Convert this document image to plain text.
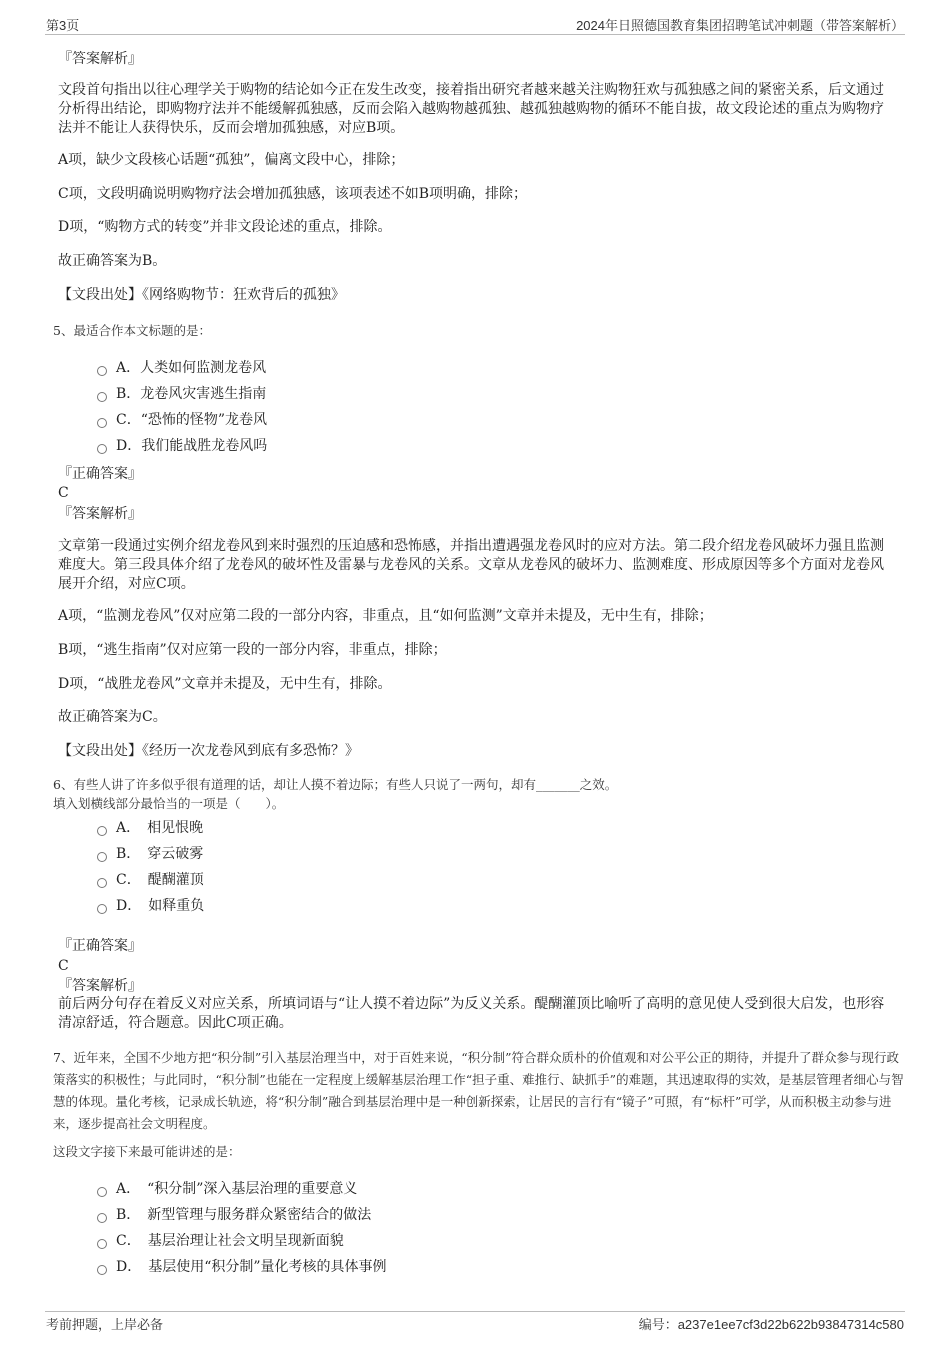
第3页	2024年日照德国教育集团招聘笔试冲刺题（带答案解析）
『答案解析』
文段首句指出以往心理学关于购物的结论如今正在发生改变，接着指出研究者越来越关注购物狂欢与孤独感之间的紧密关系，后文通过分析得出结论，即购物疗法并不能缓解孤独感，反而会陷入越购物越孤独、越孤独越购物的循环不能自拔，故文段论述的重点为购物疗法并不能让人获得快乐，反而会增加孤独感，对应B项。
A项，缺少文段核心话题“孤独”，偏离文段中心，排除；
C项，文段明确说明购物疗法会增加孤独感，该项表述不如B项明确，排除；
D项，“购物方式的转变”并非文段论述的重点，排除。
故正确答案为B。
【文段出处】《网络购物节：狂欢背后的孤独》
5、最适合作本文标题的是：
A．人类如何监测龙卷风
B．龙卷风灾害逃生指南
C．“恐怖的怪物”龙卷风
D．我们能战胜龙卷风吗
『正确答案』
C
『答案解析』
文章第一段通过实例介绍龙卷风到来时强烈的压迫感和恐怖感，并指出遭遇强龙卷风时的应对方法。第二段介绍龙卷风破坏力强且监测难度大。第三段具体介绍了龙卷风的破坏性及雷暴与龙卷风的关系。文章从龙卷风的破坏力、监测难度、形成原因等多个方面对龙卷风展开介绍，对应C项。
A项，“监测龙卷风”仅对应第二段的一部分内容，非重点，且“如何监测”文章并未提及，无中生有，排除；
B项，“逃生指南”仅对应第一段的一部分内容，非重点，排除；
D项，“战胜龙卷风”文章并未提及，无中生有，排除。
故正确答案为C。
【文段出处】《经历一次龙卷风到底有多恐怖？》
6、有些人讲了许多似乎很有道理的话，却让人摸不着边际；有些人只说了一两句，却有_______之效。
填入划横线部分最恰当的一项是（　　）。
A．　相见恨晚
B．　穿云破雾
C．　醍醐灌顶
D．　如释重负
『正确答案』
C
『答案解析』
前后两分句存在着反义对应关系，所填词语与“让人摸不着边际”为反义关系。醍醐灌顶比喻听了高明的意见使人受到很大启发，也形容清凉舒适，符合题意。因此C项正确。
7、近年来，全国不少地方把“积分制”引入基层治理当中，对于百姓来说，“积分制”符合群众质朴的价值观和对公平公正的期待，并提升了群众参与现行政策落实的积极性；与此同时，“积分制”也能在一定程度上缓解基层治理工作“担子重、难推行、缺抓手”的难题，其迅速取得的实效，是基层管理者细心与智慧的体现。量化考核，记录成长轨迹，将“积分制”融合到基层治理中是一种创新探索，让居民的言行有“镜子”可照，有“标杆”可学，从而积极主动参与进来，逐步提高社会文明程度。
这段文字接下来最可能讲述的是：
A．　“积分制”深入基层治理的重要意义
B．　新型管理与服务群众紧密结合的做法
C．　基层治理让社会文明呈现新面貌
D．　基层使用“积分制”量化考核的具体事例
考前押题，上岸必备	编号：a237e1ee7cf3d22b622b93847314c580
